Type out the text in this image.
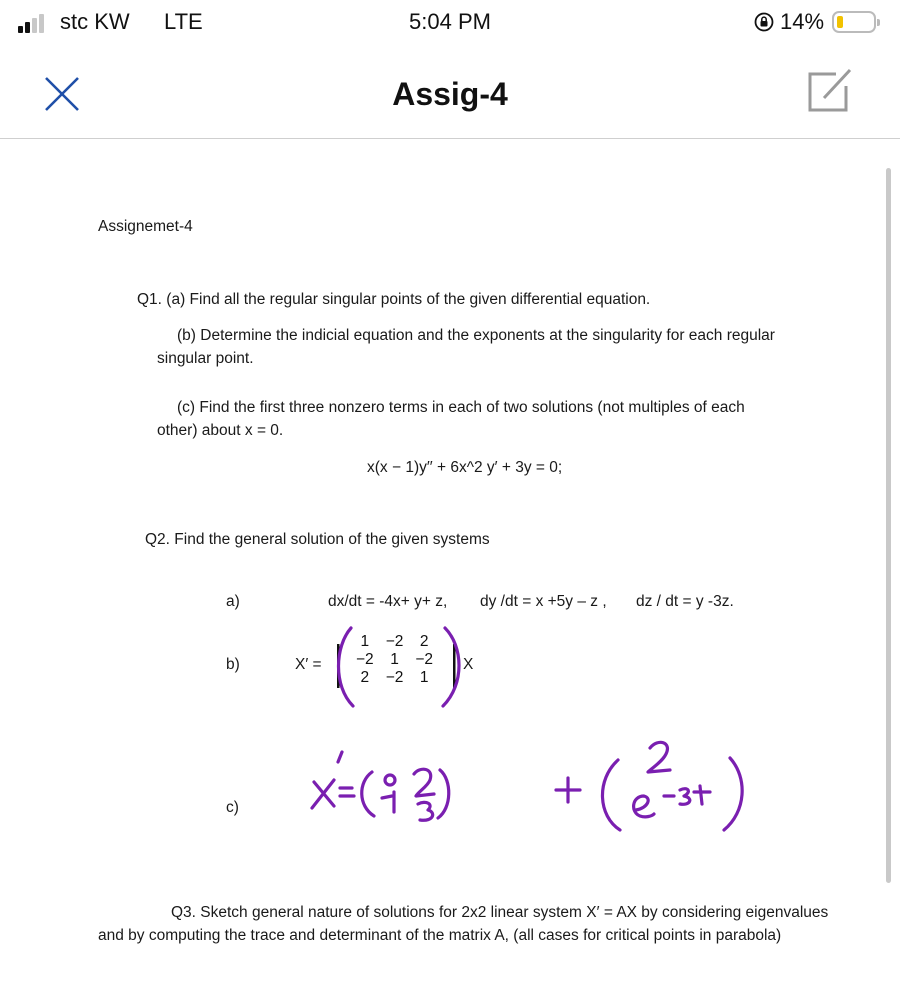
stc KW LTE	5:04 PM	14%
Assig-4
Assignemet-4
Q1. (a) Find all the regular singular points of the given differential equation.
(b) Determine the indicial equation and the exponents at the singularity for each regular
singular point.
(c) Find the first three nonzero terms in each of two solutions (not multiples of each
other) about x = 0.
x(x − 1)y′′ + 6x^2 y′ + 3y = 0;
Q2. Find the general solution of the given systems
a)	dx/dt = -4x+ y+ z, dy /dt = x +5y – z , dz / dt = y -3z.
b)	X′ =
1	−2	2
−2	1	−2
2	−2	1
X
c)
Q3. Sketch general nature of solutions for 2x2 linear system X′ = AX by considering eigenvalues
and by computing the trace and determinant of the matrix A, (all cases for critical points in parabola)
